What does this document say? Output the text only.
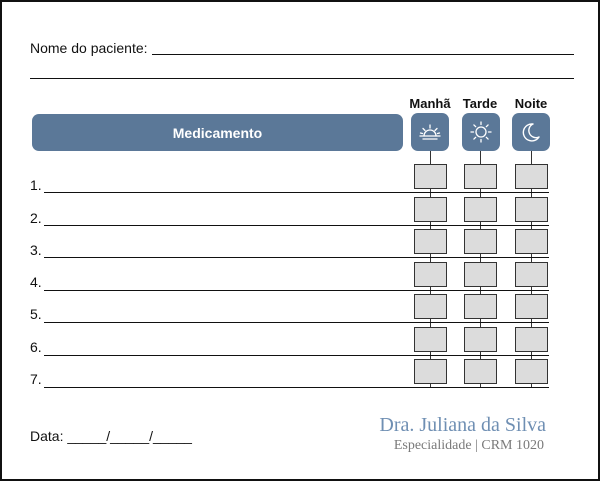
Nome do paciente:
Medicamento
Manhã Tarde	Noite
1.
2.
3.
4.
5.
6.
7.
Data: _____/_____/_____	Dra. Juliana da Silva
Especialidade | CRM 1020
